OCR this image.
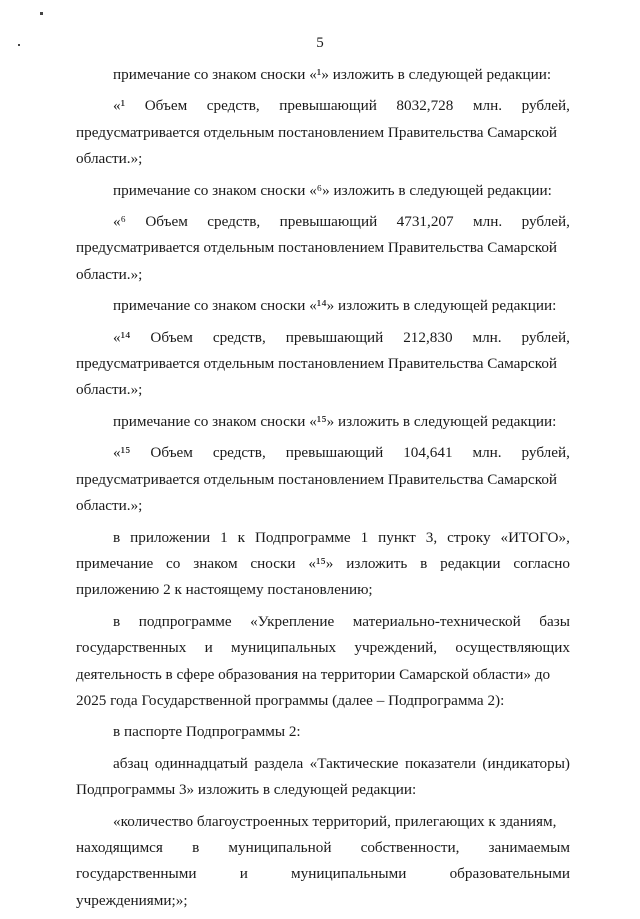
5
примечание со знаком сноски «¹» изложить в следующей редакции:
«¹ Объем средств, превышающий 8032,728 млн. рублей,
предусматривается отдельным постановлением Правительства Самарской
области.»;
примечание со знаком сноски «⁶» изложить в следующей редакции:
«⁶ Объем средств, превышающий 4731,207 млн. рублей,
предусматривается отдельным постановлением Правительства Самарской
области.»;
примечание со знаком сноски «¹⁴» изложить в следующей редакции:
«¹⁴ Объем средств, превышающий 212,830 млн. рублей,
предусматривается отдельным постановлением Правительства Самарской
области.»;
примечание со знаком сноски «¹⁵» изложить в следующей редакции:
«¹⁵ Объем средств, превышающий 104,641 млн. рублей,
предусматривается отдельным постановлением Правительства Самарской
области.»;
в приложении 1 к Подпрограмме 1 пункт 3, строку «ИТОГО»,
примечание со знаком сноски «¹⁵» изложить в редакции согласно
приложению 2 к настоящему постановлению;
в подпрограмме «Укрепление материально-технической базы
государственных и муниципальных учреждений, осуществляющих
деятельность в сфере образования на территории Самарской области» до
2025 года Государственной программы (далее – Подпрограмма 2):
в паспорте Подпрограммы 2:
абзац одиннадцатый раздела «Тактические показатели (индикаторы)
Подпрограммы 3» изложить в следующей редакции:
«количество благоустроенных территорий, прилегающих к зданиям,
находящимся в муниципальной собственности, занимаемым
государственными	и	муниципальными	образовательными
учреждениями;»;
